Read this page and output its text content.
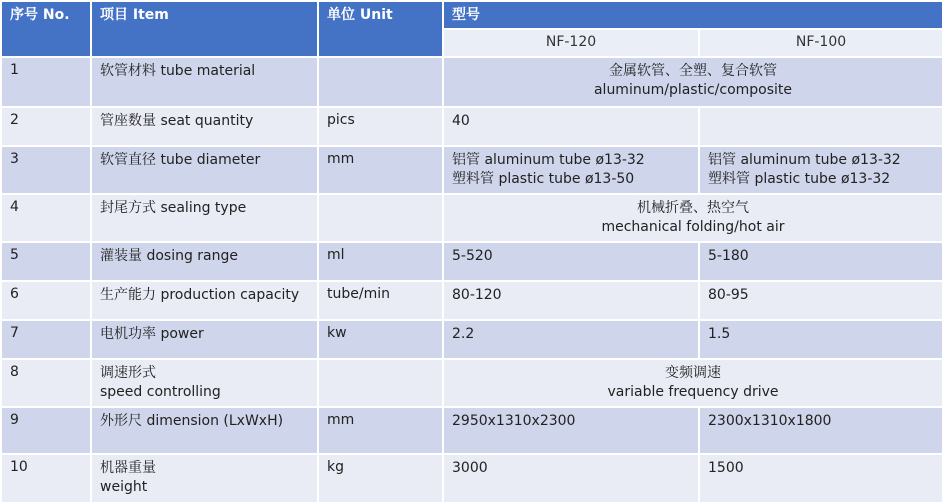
序号 No.	项目 Item	单位 Unit	型号	
			NF-120	NF-100
1	软管材料 tube material		金属软管、全塑、复合软管
aluminum/plastic/composite	

2	管座数量 seat quantity	pics	40	

3	软管直径 tube diameter	mm	铝管 aluminum tube ø13-32
塑料管 plastic tube ø13-50	铝管 aluminum tube ø13-32
塑料管 plastic tube ø13-32

4	封尾方式 sealing type		机械折叠、热空气
mechanical folding/hot air	

5	灌装量 dosing range	ml	5-520	5-180

6	生产能力 production capacity	tube/min	80-120	80-95

7	电机功率 power	kw	2.2	1.5

8	调速形式
speed controlling		变频调速
variable frequency drive	

9	外形尺 dimension (LxWxH)	mm	2950x1310x2300	2300x1310x1800

10	机器重量
weight	kg	3000	1500
